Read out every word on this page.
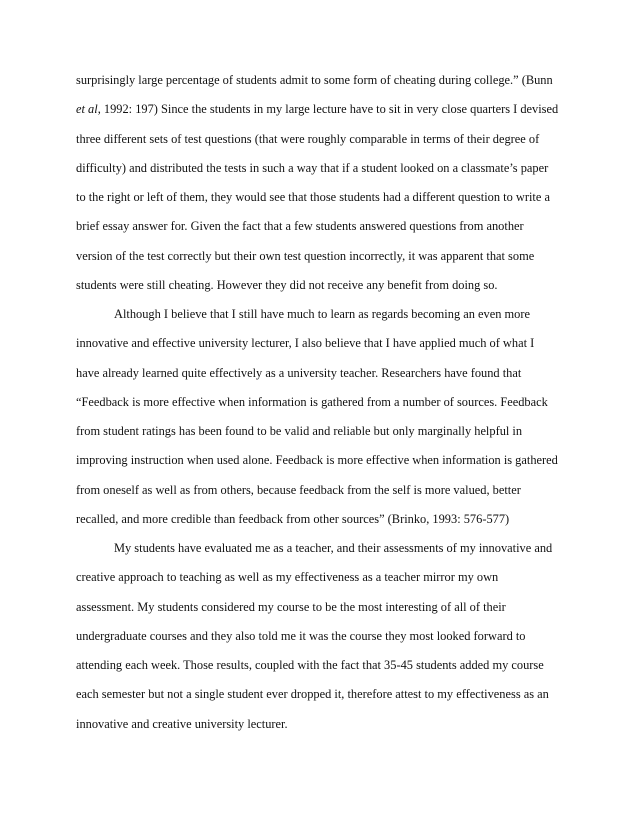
surprisingly large percentage of students admit to some form of cheating during college.” (Bunn
et al, 1992: 197) Since the students in my large lecture have to sit in very close quarters I devised
three different sets of test questions (that were roughly comparable in terms of their degree of
difficulty) and distributed the tests in such a way that if a student looked on a classmate’s paper
to the right or left of them, they would see that those students had a different question to write a
brief essay answer for. Given the fact that a few students answered questions from another
version of the test correctly but their own test question incorrectly, it was apparent that some
students were still cheating. However they did not receive any benefit from doing so.
Although I believe that I still have much to learn as regards becoming an even more
innovative and effective university lecturer, I also believe that I have applied much of what I
have already learned quite effectively as a university teacher. Researchers have found that
“Feedback is more effective when information is gathered from a number of sources. Feedback
from student ratings has been found to be valid and reliable but only marginally helpful in
improving instruction when used alone. Feedback is more effective when information is gathered
from oneself as well as from others, because feedback from the self is more valued, better
recalled, and more credible than feedback from other sources” (Brinko, 1993: 576-577)
My students have evaluated me as a teacher, and their assessments of my innovative and
creative approach to teaching as well as my effectiveness as a teacher mirror my own
assessment. My students considered my course to be the most interesting of all of their
undergraduate courses and they also told me it was the course they most looked forward to
attending each week. Those results, coupled with the fact that 35-45 students added my course
each semester but not a single student ever dropped it, therefore attest to my effectiveness as an
innovative and creative university lecturer.
